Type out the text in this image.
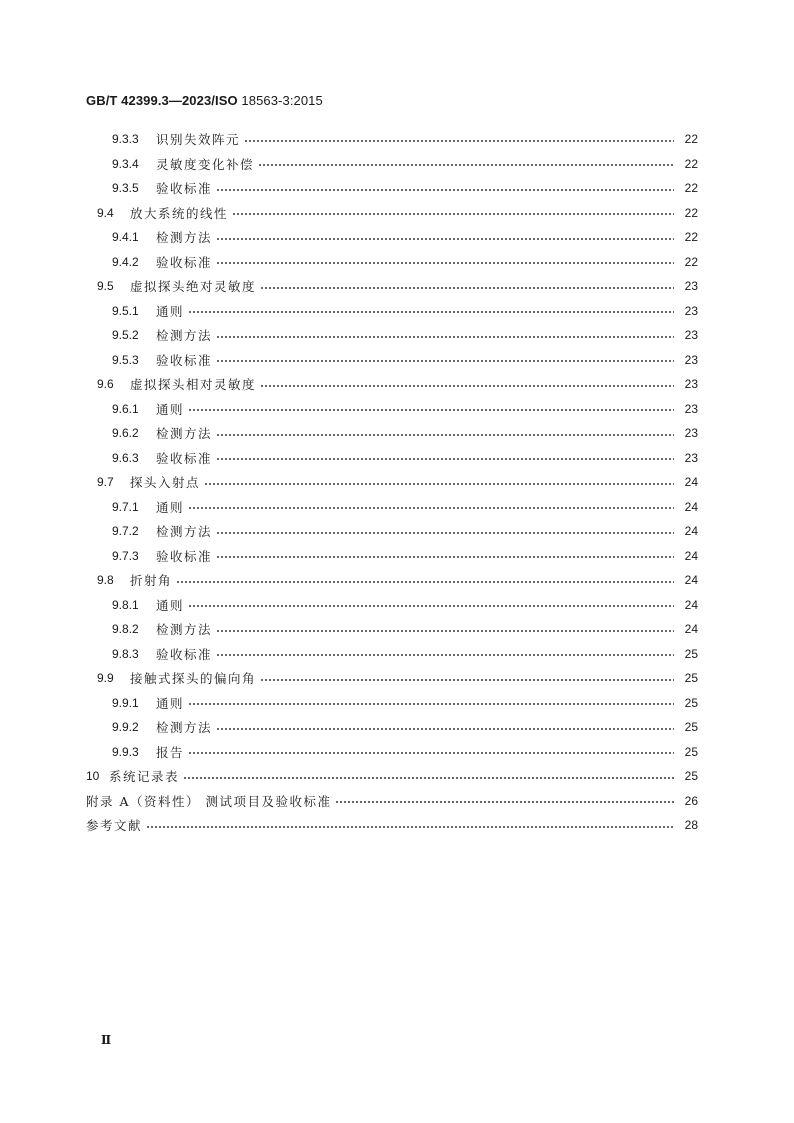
GB/T 42399.3—2023/ISO 18563-3:2015
9.3.3	识别失效阵元	22
9.3.4	灵敏度变化补偿	22
9.3.5	验收标准	22
9.4	放大系统的线性	22
9.4.1	检测方法	22
9.4.2	验收标准	22
9.5	虚拟探头绝对灵敏度	23
9.5.1	通则	23
9.5.2	检测方法	23
9.5.3	验收标准	23
9.6	虚拟探头相对灵敏度	23
9.6.1	通则	23
9.6.2	检测方法	23
9.6.3	验收标准	23
9.7	探头入射点	24
9.7.1	通则	24
9.7.2	检测方法	24
9.7.3	验收标准	24
9.8	折射角	24
9.8.1	通则	24
9.8.2	检测方法	24
9.8.3	验收标准	25
9.9	接触式探头的偏向角	25
9.9.1	通则	25
9.9.2	检测方法	25
9.9.3	报告	25
10 系统记录表	25
附录 A（资料性） 测试项目及验收标准	26
参考文献	28
Ⅱ
